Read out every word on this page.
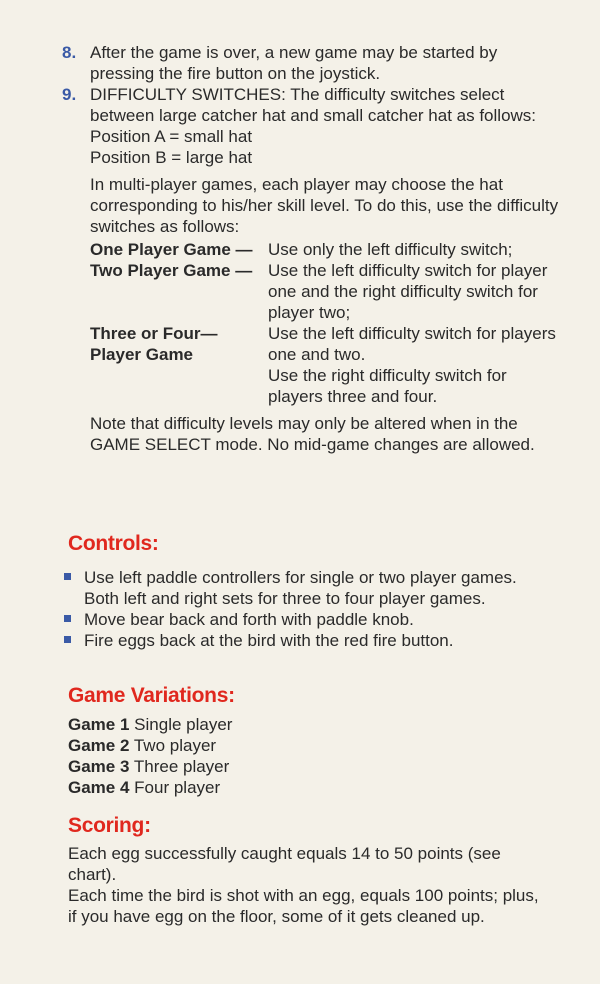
8. After the game is over, a new game may be started by pressing the fire button on the joystick.
9. DIFFICULTY SWITCHES: The difficulty switches select between large catcher hat and small catcher hat as follows:
Position A = small hat
Position B = large hat
In multi-player games, each player may choose the hat corresponding to his/her skill level. To do this, use the difficulty switches as follows:
One Player Game — Use only the left difficulty switch;
Two Player Game — Use the left difficulty switch for player one and the right difficulty switch for player two;
Three or Four— Player Game
Use the left difficulty switch for players one and two.
Use the right difficulty switch for players three and four.
Note that difficulty levels may only be altered when in the GAME SELECT mode. No mid-game changes are allowed.
Controls:
Use left paddle controllers for single or two player games. Both left and right sets for three to four player games.
Move bear back and forth with paddle knob.
Fire eggs back at the bird with the red fire button.
Game Variations:
Game 1 Single player
Game 2 Two player
Game 3 Three player
Game 4 Four player
Scoring:
Each egg successfully caught equals 14 to 50 points (see chart).
Each time the bird is shot with an egg, equals 100 points; plus, if you have egg on the floor, some of it gets cleaned up.
